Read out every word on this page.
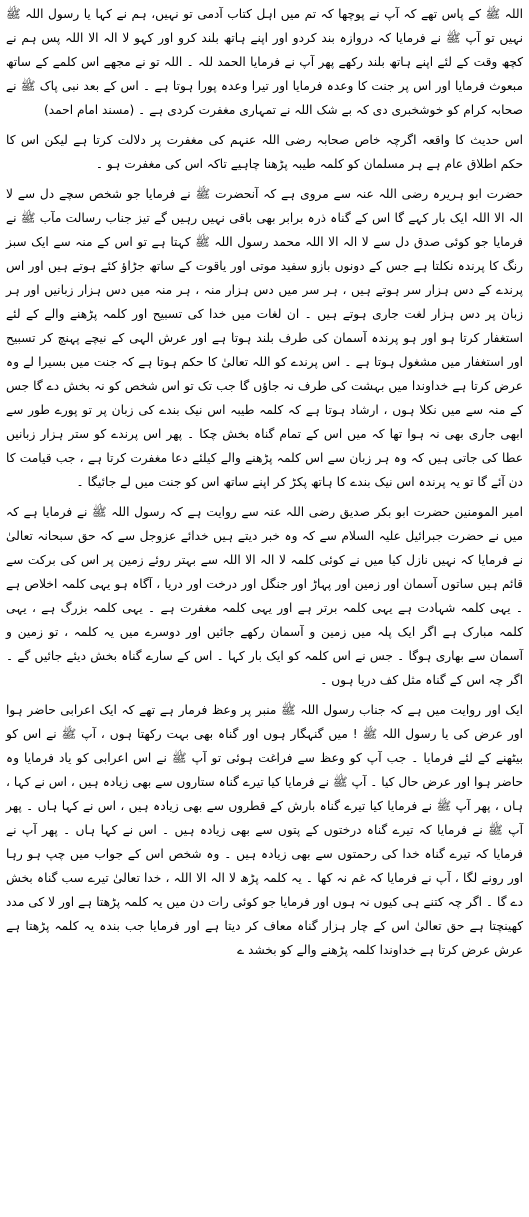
اللہ ﷺ کے پاس تھے کہ آپ نے پوچھا کہ تم میں اہل کتاب آدمی تو نہیں، ہم نے کہا یا رسول اللہ ﷺ نہیں تو آپ ﷺ نے فرمایا کہ دروازہ بند کردو اور اپنے ہاتھ بلند کرو اور کہو لا الہ الا اللہ پس ہم نے کچھ وقت کے لئے اپنے ہاتھ بلند رکھے پھر آپ نے فرمایا الحمد للہ ۔ اللہ تو نے مجھے اس کلمے کے ساتھ مبعوث فرمایا اور اس پر جنت کا وعدہ فرمایا اور تیرا وعدہ پورا ہوتا ہے ۔ اس کے بعد نبی پاک ﷺ نے صحابہ کرام کو خوشخبری دی کہ بے شک اللہ نے تمہاری مغفرت کردی ہے ۔ (مسند امام احمد)

اس حدیث کا واقعہ اگرچہ خاص صحابہ رضی اللہ عنہم کی مغفرت پر دلالت کرتا ہے لیکن اس کا حکم اطلاق عام ہے ہر مسلمان کو کلمہ طیبہ پڑھنا چاہیے تاکہ اس کی مغفرت ہو ۔

حضرت ابو ہریرہ رضی اللہ عنہ سے مروی ہے کہ آنحضرت ﷺ نے فرمایا جو شخص سچے دل سے لا الہ الا اللہ ایک بار کہے گا اس کے گناہ ذرہ برابر بھی باقی نہیں رہیں گے تیز جناب رسالت مآب ﷺ نے فرمایا جو کوئی صدق دل سے لا الہ الا اللہ محمد رسول اللہ ﷺ کہتا ہے تو اس کے منہ سے ایک سبز رنگ کا پرندہ نکلتا ہے جس کے دونوں بازو سفید موتی اور یاقوت کے ساتھ جڑاؤ کئے ہوتے ہیں اور اس پرندے کے دس ہزار سر ہوتے ہیں ، ہر سر میں دس ہزار منہ ، ہر منہ میں دس ہزار زبانیں اور ہر زبان پر دس ہزار لغت جاری ہوتے ہیں ۔ ان لغات میں خدا کی تسبیح اور کلمہ پڑھنے والے کے لئے استغفار کرتا ہو اور ہو پرندہ آسمان کی طرف بلند ہوتا ہے اور عرش الہی کے نیچے پہنچ کر تسبیح اور استغفار میں مشغول ہوتا ہے ۔ اس پرندے کو اللہ تعالیٰ کا حکم ہوتا ہے کہ جنت میں بسیرا لے وہ عرض کرتا ہے خداوندا میں بہشت کی طرف نہ جاؤں گا جب تک تو اس شخص کو نہ بخش دے گا جس کے منہ سے میں نکلا ہوں ، ارشاد ہوتا ہے کہ کلمہ طیبہ اس نیک بندے کی زبان پر تو پورے طور سے ابھی جاری بھی نہ ہوا تھا کہ میں اس کے تمام گناہ بخش چکا ۔ پھر اس پرندے کو ستر ہزار زبانیں عطا کی جاتی ہیں کہ وہ ہر زبان سے اس کلمہ پڑھنے والے کیلئے دعا مغفرت کرتا ہے ، جب قیامت کا دن آئے گا تو یہ پرندہ اس نیک بندے کا ہاتھ پکڑ کر اپنے ساتھ اس کو جنت میں لے جائیگا ۔

امیر المومنین حضرت ابو بکر صدیق رضی اللہ عنہ سے روایت ہے کہ رسول اللہ ﷺ نے فرمایا ہے کہ میں نے حضرت جبرائیل علیہ السلام سے کہ وہ خبر دیتے ہیں خدائے عزوجل سے کہ حق سبحانہ تعالیٰ نے فرمایا کہ نہیں نازل کیا میں نے کوئی کلمہ لا الہ الا اللہ سے بہتر روئے زمین پر اس کی برکت سے قائم ہیں ساتوں آسمان اور زمین اور پہاڑ اور جنگل اور درخت اور دریا ، آگاہ ہو یہی کلمہ اخلاص ہے ۔ یہی کلمہ شہادت ہے یہی کلمہ برتر ہے اور یہی کلمہ مغفرت ہے ۔ یہی کلمہ بزرگ ہے ، یہی کلمہ مبارک ہے اگر ایک پلہ میں زمین و آسمان رکھے جائیں اور دوسرے میں یہ کلمہ ، تو زمین و آسمان سے بھاری ہوگا ۔ جس نے اس کلمہ کو ایک بار کہا ۔ اس کے سارے گناہ بخش دیئے جائیں گے ۔ اگر چہ اس کے گناہ مثل کف دریا ہوں ۔

ایک اور روایت میں ہے کہ جناب رسول اللہ ﷺ منبر پر وعظ فرمار ہے تھے کہ ایک اعرابی حاضر ہوا اور عرض کی یا رسول اللہ ﷺ ! میں گنہگار ہوں اور گناہ بھی بہت رکھتا ہوں ، آپ ﷺ نے اس کو بیٹھنے کے لئے فرمایا ۔ جب آپ کو وعظ سے فراغت ہوئی تو آپ ﷺ نے اس اعرابی کو یاد فرمایا وہ حاضر ہوا اور عرض حال کیا ۔ آپ ﷺ نے فرمایا کیا تیرے گناہ ستاروں سے بھی زیادہ ہیں ، اس نے کہا ، ہاں ، پھر آپ ﷺ نے فرمایا کیا تیرے گناہ بارش کے قطروں سے بھی زیادہ ہیں ، اس نے کہا ہاں ۔ پھر آپ ﷺ نے فرمایا کہ تیرے گناہ درختوں کے پتوں سے بھی زیادہ ہیں ۔ اس نے کہا ہاں ۔ پھر آپ نے فرمایا کہ تیرے گناہ خدا کی رحمتوں سے بھی زیادہ ہیں ۔ وہ شخص اس کے جواب میں چپ ہو رہا اور رونے لگا ، آپ نے فرمایا کہ غم نہ کھا ۔ یہ کلمہ پڑھ لا الہ الا اللہ ، خدا تعالیٰ تیرے سب گناہ بخش دے گا ۔ اگر چہ کتنے ہی کیوں نہ ہوں اور فرمایا جو کوئی رات دن میں یہ کلمہ پڑھتا ہے اور لا کی مدد کھینچتا ہے حق تعالیٰ اس کے چار ہزار گناہ معاف کر دیتا ہے اور فرمایا جب بندہ یہ کلمہ پڑھتا ہے عرش عرض کرتا ہے خداوندا کلمہ پڑھنے والے کو بخشد ے
